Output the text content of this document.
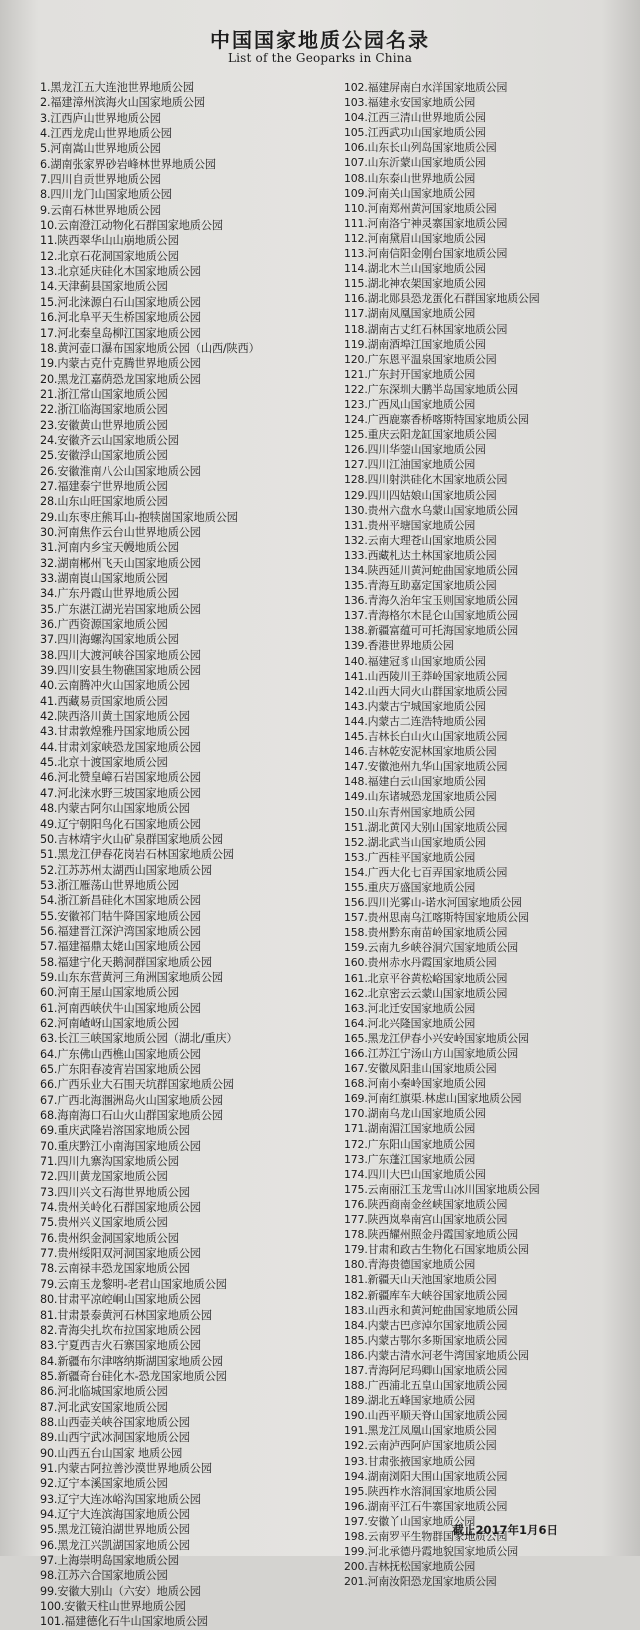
中国国家地质公园名录
List of the Geoparks in China
1.黑龙江五大连池世界地质公园
2.福建漳州滨海火山国家地质公园
3.江西庐山世界地质公园
4.江西龙虎山世界地质公园
5.河南嵩山世界地质公园
6.湖南张家界砂岩峰林世界地质公园
7.四川自贡世界地质公园
8.四川龙门山国家地质公园
9.云南石林世界地质公园
10.云南澄江动物化石群国家地质公园
11.陕西翠华山山崩地质公园
12.北京石花洞国家地质公园
13.北京延庆硅化木国家地质公园
14.天津蓟县国家地质公园
15.河北涞源白石山国家地质公园
16.河北阜平天生桥国家地质公园
17.河北秦皇岛柳江国家地质公园
18.黄河壶口瀑布国家地质公园（山西/陕西）
19.内蒙古克什克腾世界地质公园
20.黑龙江嘉荫恐龙国家地质公园
21.浙江常山国家地质公园
22.浙江临海国家地质公园
23.安徽黄山世界地质公园
24.安徽齐云山国家地质公园
25.安徽浮山国家地质公园
26.安徽淮南八公山国家地质公园
27.福建泰宁世界地质公园
28.山东山旺国家地质公园
29.山东枣庄熊耳山-抱犊崮国家地质公园
30.河南焦作云台山世界地质公园
31.河南内乡宝天幔地质公园
32.湖南郴州飞天山国家地质公园
33.湖南崀山国家地质公园
34.广东丹霞山世界地质公园
35.广东湛江湖光岩国家地质公园
36.广西资源国家地质公园
37.四川海螺沟国家地质公园
38.四川大渡河峡谷国家地质公园
39.四川安县生物礁国家地质公园
40.云南腾冲火山国家地质公园
41.西藏易贡国家地质公园
42.陕西洛川黄土国家地质公园
43.甘肃敦煌雅丹国家地质公园
44.甘肃刘家峡恐龙国家地质公园
45.北京十渡国家地质公园
46.河北赞皇嶂石岩国家地质公园
47.河北涞水野三坡国家地质公园
48.内蒙古阿尔山国家地质公园
49.辽宁朝阳鸟化石国家地质公园
50.吉林靖宇火山矿泉群国家地质公园
51.黑龙江伊春花岗岩石林国家地质公园
52.江苏苏州太湖西山国家地质公园
53.浙江雁荡山世界地质公园
54.浙江新昌硅化木国家地质公园
55.安徽祁门牯牛降国家地质公园
56.福建晋江深沪湾国家地质公园
57.福建福鼎太姥山国家地质公园
58.福建宁化天鹅洞群国家地质公园
59.山东东营黄河三角洲国家地质公园
60.河南王屋山国家地质公园
61.河南西峡伏牛山国家地质公园
62.河南嵖岈山国家地质公园
63.长江三峡国家地质公园（湖北/重庆）
64.广东佛山西樵山国家地质公园
65.广东阳春凌宵岩国家地质公园
66.广西乐业大石围天坑群国家地质公园
67.广西北海涠洲岛火山国家地质公园
68.海南海口石山火山群国家地质公园
69.重庆武隆岩溶国家地质公园
70.重庆黔江小南海国家地质公园
71.四川九寨沟国家地质公园
72.四川黄龙国家地质公园
73.四川兴文石海世界地质公园
74.贵州关岭化石群国家地质公园
75.贵州兴义国家地质公园
76.贵州织金洞国家地质公园
77.贵州绥阳双河洞国家地质公园
78.云南禄丰恐龙国家地质公园
79.云南玉龙黎明-老君山国家地质公园
80.甘肃平凉崆峒山国家地质公园
81.甘肃景泰黄河石林国家地质公园
82.青海尖扎坎布拉国家地质公园
83.宁夏西吉火石寨国家地质公园
84.新疆布尔津喀纳斯湖国家地质公园
85.新疆奇台硅化木-恐龙国家地质公园
86.河北临城国家地质公园
87.河北武安国家地质公园
88.山西壶关峡谷国家地质公园
89.山西宁武冰洞国家地质公园
90.山西五台山国家 地质公园
91.内蒙古阿拉善沙漠世界地质公园
92.辽宁本溪国家地质公园
93.辽宁大连冰峪沟国家地质公园
94.辽宁大连滨海国家地质公园
95.黑龙江镜泊湖世界地质公园
96.黑龙江兴凯湖国家地质公园
97.上海崇明岛国家地质公园
98.江苏六合国家地质公园
99.安徽大别山（六安）地质公园
100.安徽天柱山世界地质公园
101.福建德化石牛山国家地质公园
102.福建屏南白水洋国家地质公园
103.福建永安国家地质公园
104.江西三清山世界地质公园
105.江西武功山国家地质公园
106.山东长山列岛国家地质公园
107.山东沂蒙山国家地质公园
108.山东泰山世界地质公园
109.河南关山国家地质公园
110.河南郑州黄河国家地质公园
111.河南洛宁神灵寨国家地质公园
112.河南黛眉山国家地质公园
113.河南信阳金刚台国家地质公园
114.湖北木兰山国家地质公园
115.湖北神农架国家地质公园
116.湖北郧县恐龙蛋化石群国家地质公园
117.湖南凤凰国家地质公园
118.湖南古丈红石林国家地质公园
119.湖南酒埠江国家地质公园
120.广东恩平温泉国家地质公园
121.广东封开国家地质公园
122.广东深圳大鹏半岛国家地质公园
123.广西凤山国家地质公园
124.广西鹿寨香桥喀斯特国家地质公园
125.重庆云阳龙缸国家地质公园
126.四川华蓥山国家地质公园
127.四川江油国家地质公园
128.四川射洪硅化木国家地质公园
129.四川四姑娘山国家地质公园
130.贵州六盘水乌蒙山国家地质公园
131.贵州平塘国家地质公园
132.云南大理苍山国家地质公园
133.西藏札达土林国家地质公园
134.陕西延川黄河蛇曲国家地质公园
135.青海互助嘉定国家地质公园
136.青海久治年宝玉则国家地质公园
137.青海格尔木昆仑山国家地质公园
138.新疆富蕴可可托海国家地质公园
139.香港世界地质公园
140.福建冠豸山国家地质公园
141.山西陵川王莽岭国家地质公园
142.山西大同火山群国家地质公园
143.内蒙古宁城国家地质公园
144.内蒙古二连浩特地质公园
145.吉林长白山火山国家地质公园
146.吉林乾安泥林国家地质公园
147.安徽池州九华山国家地质公园
148.福建白云山国家地质公园
149.山东诸城恐龙国家地质公园
150.山东青州国家地质公园
151.湖北黄冈大别山国家地质公园
152.湖北武当山国家地质公园
153.广西桂平国家地质公园
154.广西大化七百弄国家地质公园
155.重庆万盛国家地质公园
156.四川光雾山-诺水河国家地质公园
157.贵州思南乌江喀斯特国家地质公园
158.贵州黔东南苗岭国家地质公园
159.云南九乡峡谷洞穴国家地质公园
160.贵州赤水丹霞国家地质公园
161.北京平谷黄松峪国家地质公园
162.北京密云云蒙山国家地质公园
163.河北迁安国家地质公园
164.河北兴隆国家地质公园
165.黑龙江伊春小兴安岭国家地质公园
166.江苏江宁汤山方山国家地质公园
167.安徽凤阳韭山国家地质公园
168.河南小秦岭国家地质公园
169.河南红旗渠.林虑山国家地质公园
170.湖南乌龙山国家地质公园
171.湖南湄江国家地质公园
172.广东阳山国家地质公园
173.广东蓬江国家地质公园
174.四川大巴山国家地质公园
175.云南丽江玉龙雪山冰川国家地质公园
176.陕西商南金丝峡国家地质公园
177.陕西岚皋南宫山国家地质公园
178.陕西耀州照金丹霞国家地质公园
179.甘肃和政古生物化石国家地质公园
180.青海贵德国家地质公园
181.新疆天山天池国家地质公园
182.新疆库车大峡谷国家地质公园
183.山西永和黄河蛇曲国家地质公园
184.内蒙古巴彦淖尔国家地质公园
185.内蒙古鄂尔多斯国家地质公园
186.内蒙古清水河老牛湾国家地质公园
187.青海阿尼玛卿山国家地质公园
188.广西浦北五皇山国家地质公园
189.湖北五峰国家地质公园
190.山西平顺天脊山国家地质公园
191.黑龙江凤凰山国家地质公园
192.云南泸西阿庐国家地质公园
193.甘肃张掖国家地质公园
194.湖南浏阳大围山国家地质公园
195.陕西柞水溶洞国家地质公园
196.湖南平江石牛寨国家地质公园
197.安徽丫山国家地质公园
198.云南罗平生物群国家地质公园
199.河北承德丹霞地貌国家地质公园
200.吉林抚松国家地质公园
201.河南汝阳恐龙国家地质公园
截止2017年1月6日
